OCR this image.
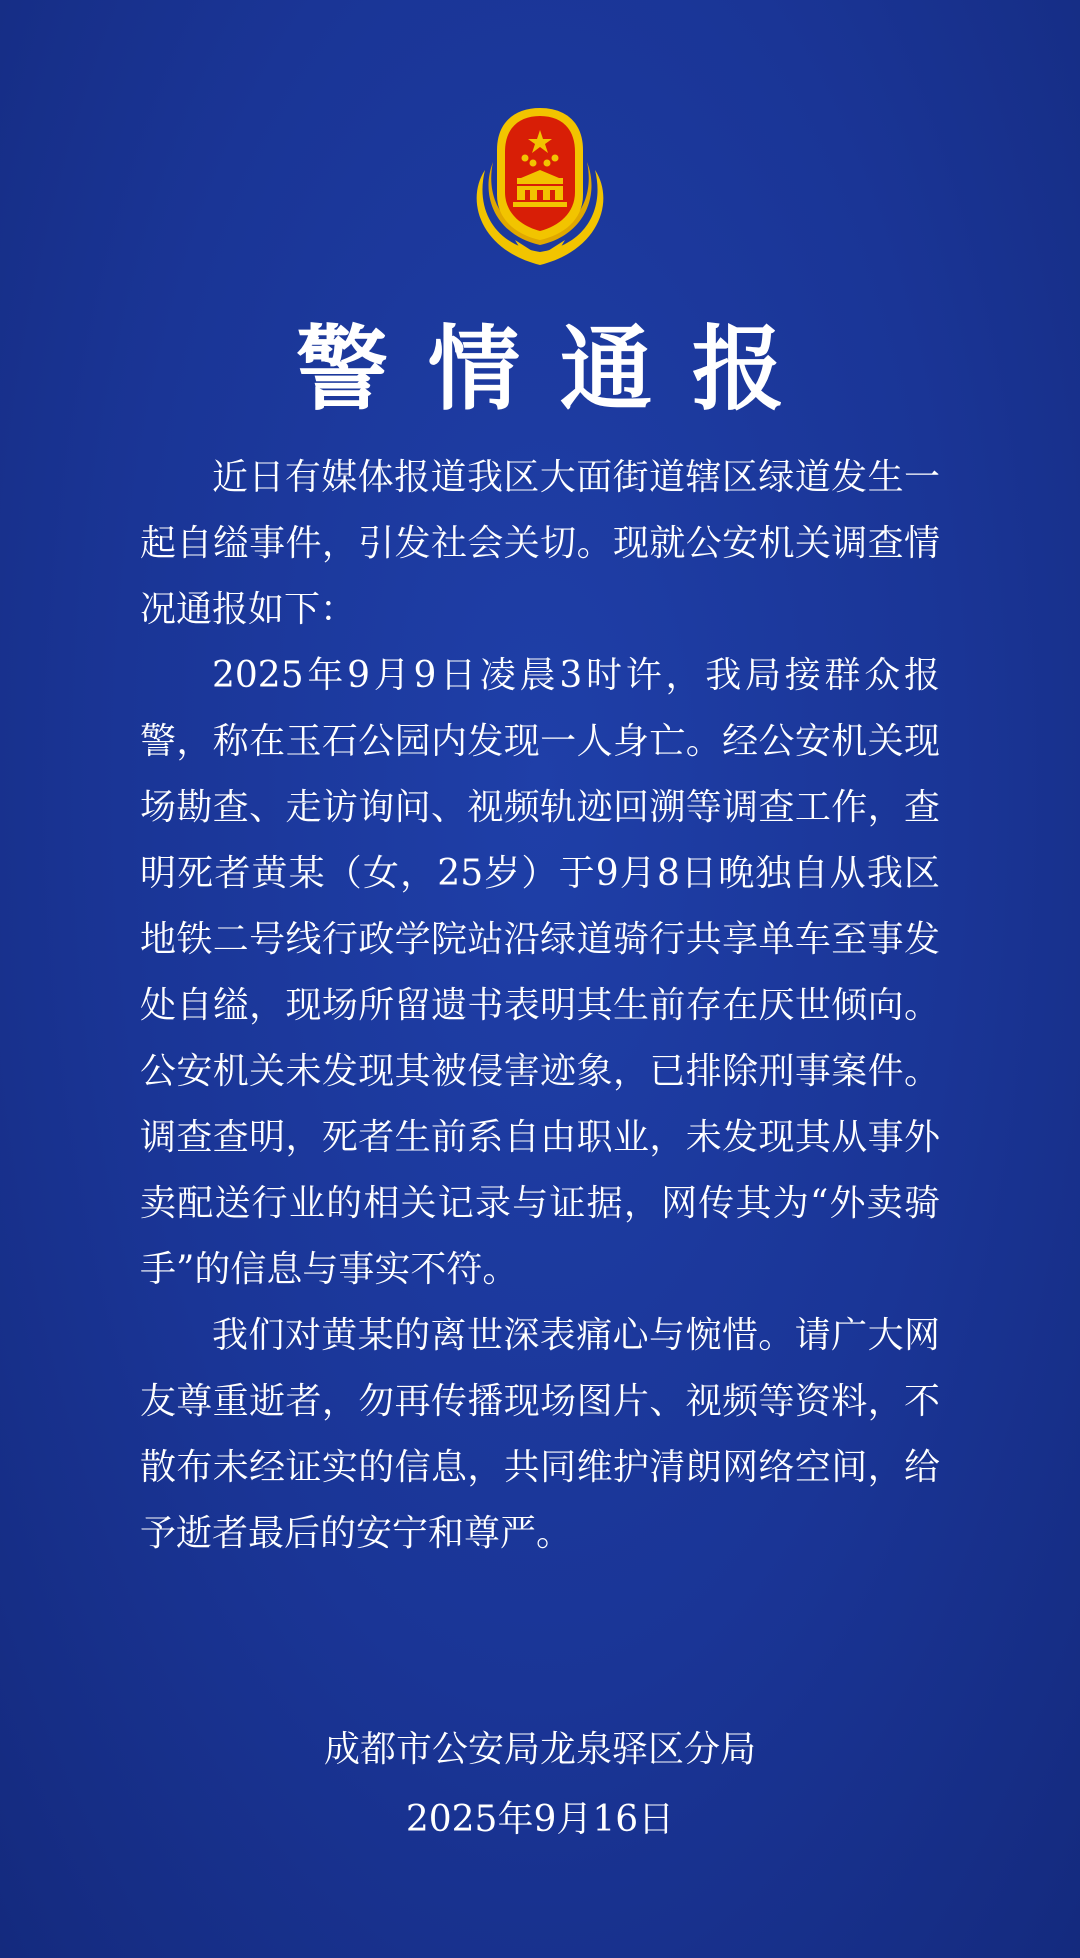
警情通报

近日有媒体报道我区大面街道辖区绿道发生一起自缢事件，引发社会关切。现就公安机关调查情况通报如下：

2025年9月9日凌晨3时许，我局接群众报警，称在玉石公园内发现一人身亡。经公安机关现场勘查、走访询问、视频轨迹回溯等调查工作，查明死者黄某（女，25岁）于9月8日晚独自从我区地铁二号线行政学院站沿绿道骑行共享单车至事发处自缢，现场所留遗书表明其生前存在厌世倾向。公安机关未发现其被侵害迹象，已排除刑事案件。调查查明，死者生前系自由职业，未发现其从事外卖配送行业的相关记录与证据，网传其为“外卖骑手”的信息与事实不符。

我们对黄某的离世深表痛心与惋惜。请广大网友尊重逝者，勿再传播现场图片、视频等资料，不散布未经证实的信息，共同维护清朗网络空间，给予逝者最后的安宁和尊严。

成都市公安局龙泉驿区分局
2025年9月16日
